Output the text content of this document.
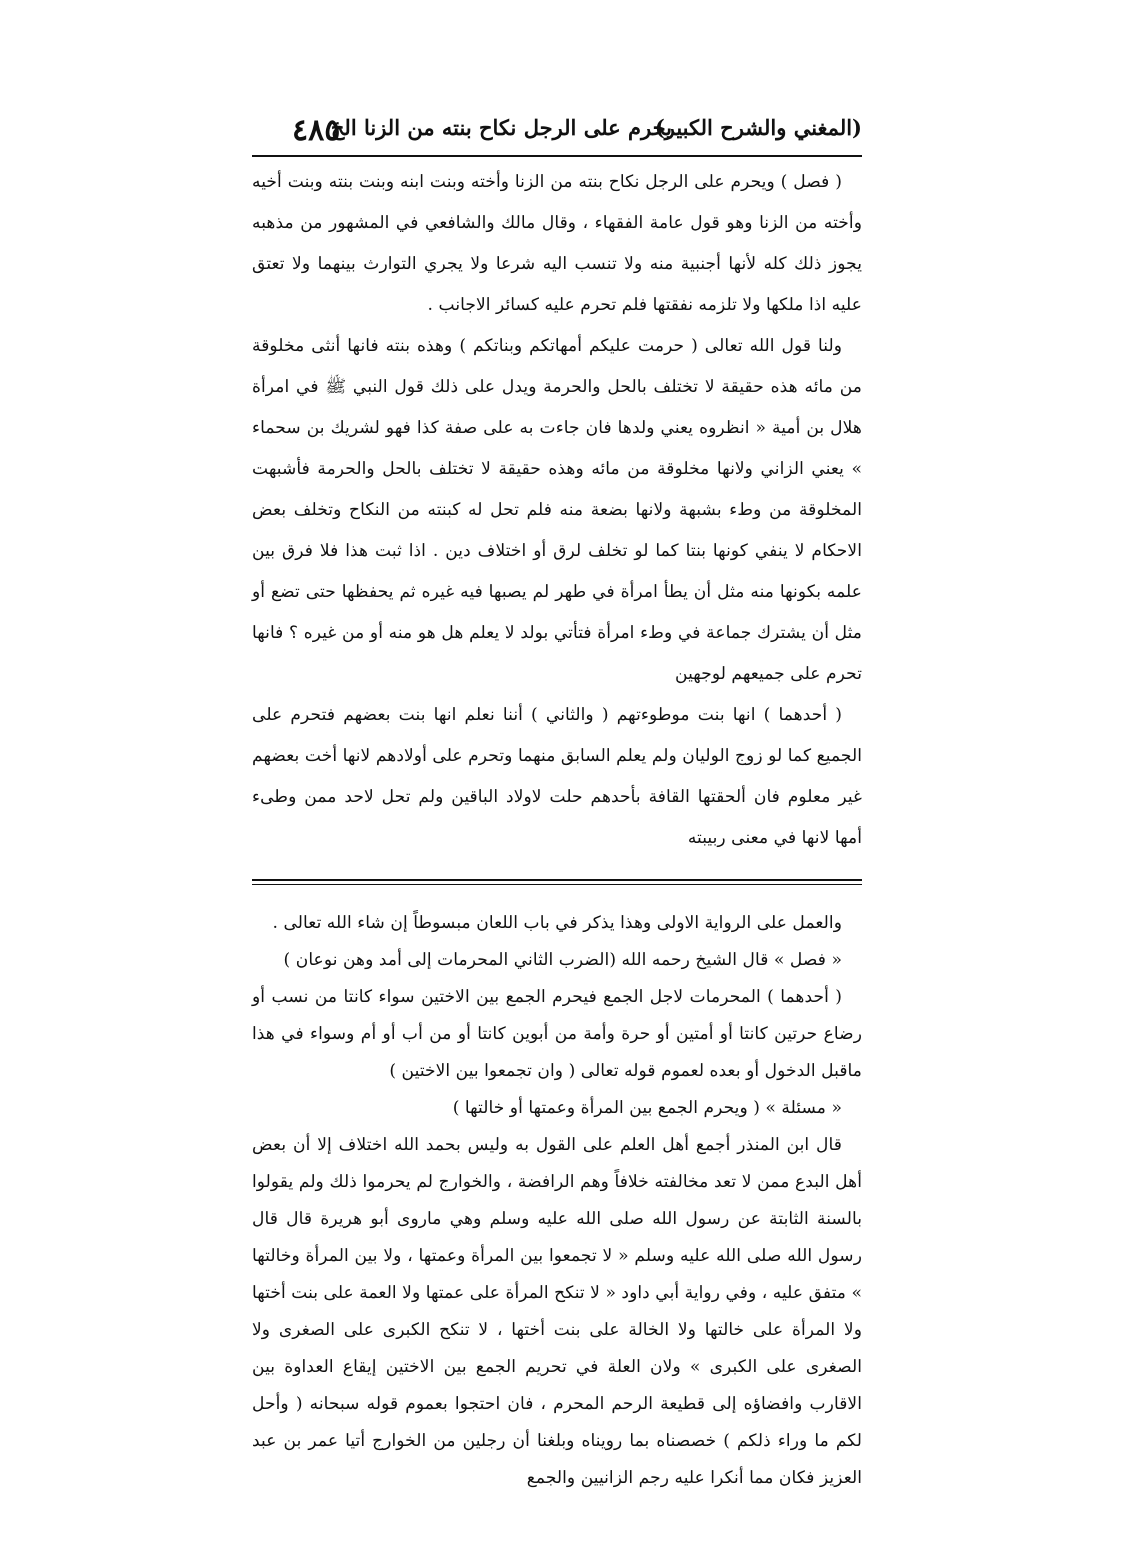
(المغني والشرح الكبير)
يحرم على الرجل نكاح بنته من الزنا الخ
٤٨٥

( فصل ) ويحرم على الرجل نكاح بنته من الزنا وأخته وبنت ابنه وبنت بنته وبنت أخيه وأخته من الزنا وهو قول عامة الفقهاء ، وقال مالك والشافعي في المشهور من مذهبه يجوز ذلك كله لأنها أجنبية منه ولا تنسب اليه شرعا ولا يجري التوارث بينهما ولا تعتق عليه اذا ملكها ولا تلزمه نفقتها فلم تحرم عليه كسائر الاجانب .

ولنا قول الله تعالى ( حرمت عليكم أمهاتكم وبناتكم ) وهذه بنته فانها أنثى مخلوقة من مائه هذه حقيقة لا تختلف بالحل والحرمة ويدل على ذلك قول النبي ﷺ في امرأة هلال بن أمية « انظروه يعني ولدها فان جاءت به على صفة كذا فهو لشريك بن سحماء » يعني الزاني ولانها مخلوقة من مائه وهذه حقيقة لا تختلف بالحل والحرمة فأشبهت المخلوقة من وطء بشبهة ولانها بضعة منه فلم تحل له كبنته من النكاح وتخلف بعض الاحكام لا ينفي كونها بنتا كما لو تخلف لرق أو اختلاف دين . اذا ثبت هذا فلا فرق بين علمه بكونها منه مثل أن يطأ امرأة في طهر لم يصبها فيه غيره ثم يحفظها حتى تضع أو مثل أن يشترك جماعة في وطء امرأة فتأتي بولد لا يعلم هل هو منه أو من غيره ؟ فانها تحرم على جميعهم لوجهين

( أحدهما ) انها بنت موطوءتهم ( والثاني ) أننا نعلم انها بنت بعضهم فتحرم على الجميع كما لو زوج الوليان ولم يعلم السابق منهما وتحرم على أولادهم لانها أخت بعضهم غير معلوم فان ألحقتها القافة بأحدهم حلت لاولاد الباقين ولم تحل لاحد ممن وطىء أمها لانها في معنى ربيبته

والعمل على الرواية الاولى وهذا يذكر في باب اللعان مبسوطاً إن شاء الله تعالى .

« فصل » قال الشيخ رحمه الله (الضرب الثاني المحرمات إلى أمد وهن نوعان )

( أحدهما ) المحرمات لاجل الجمع فيحرم الجمع بين الاختين سواء كانتا من نسب أو رضاع حرتين كانتا أو أمتين أو حرة وأمة من أبوين كانتا أو من أب أو أم وسواء في هذا ماقبل الدخول أو بعده لعموم قوله تعالى ( وان تجمعوا بين الاختين )

« مسئلة » ( ويحرم الجمع بين المرأة وعمتها أو خالتها )

قال ابن المنذر أجمع أهل العلم على القول به وليس بحمد الله اختلاف إلا أن بعض أهل البدع ممن لا تعد مخالفته خلافاً وهم الرافضة ، والخوارج لم يحرموا ذلك ولم يقولوا بالسنة الثابتة عن رسول الله صلى الله عليه وسلم وهي ماروى أبو هريرة قال قال رسول الله صلى الله عليه وسلم « لا تجمعوا بين المرأة وعمتها ، ولا بين المرأة وخالتها » متفق عليه ، وفي رواية أبي داود « لا تنكح المرأة على عمتها ولا العمة على بنت أختها ولا المرأة على خالتها ولا الخالة على بنت أختها ، لا تنكح الكبرى على الصغرى ولا الصغرى على الكبرى » ولان العلة في تحريم الجمع بين الاختين إيقاع العداوة بين الاقارب وافضاؤه إلى قطيعة الرحم المحرم ، فان احتجوا بعموم قوله سبحانه ( وأحل لكم ما وراء ذلكم ) خصصناه بما رويناه وبلغنا أن رجلين من الخوارج أتيا عمر بن عبد العزيز فكان مما أنكرا عليه رجم الزانيين والجمع
